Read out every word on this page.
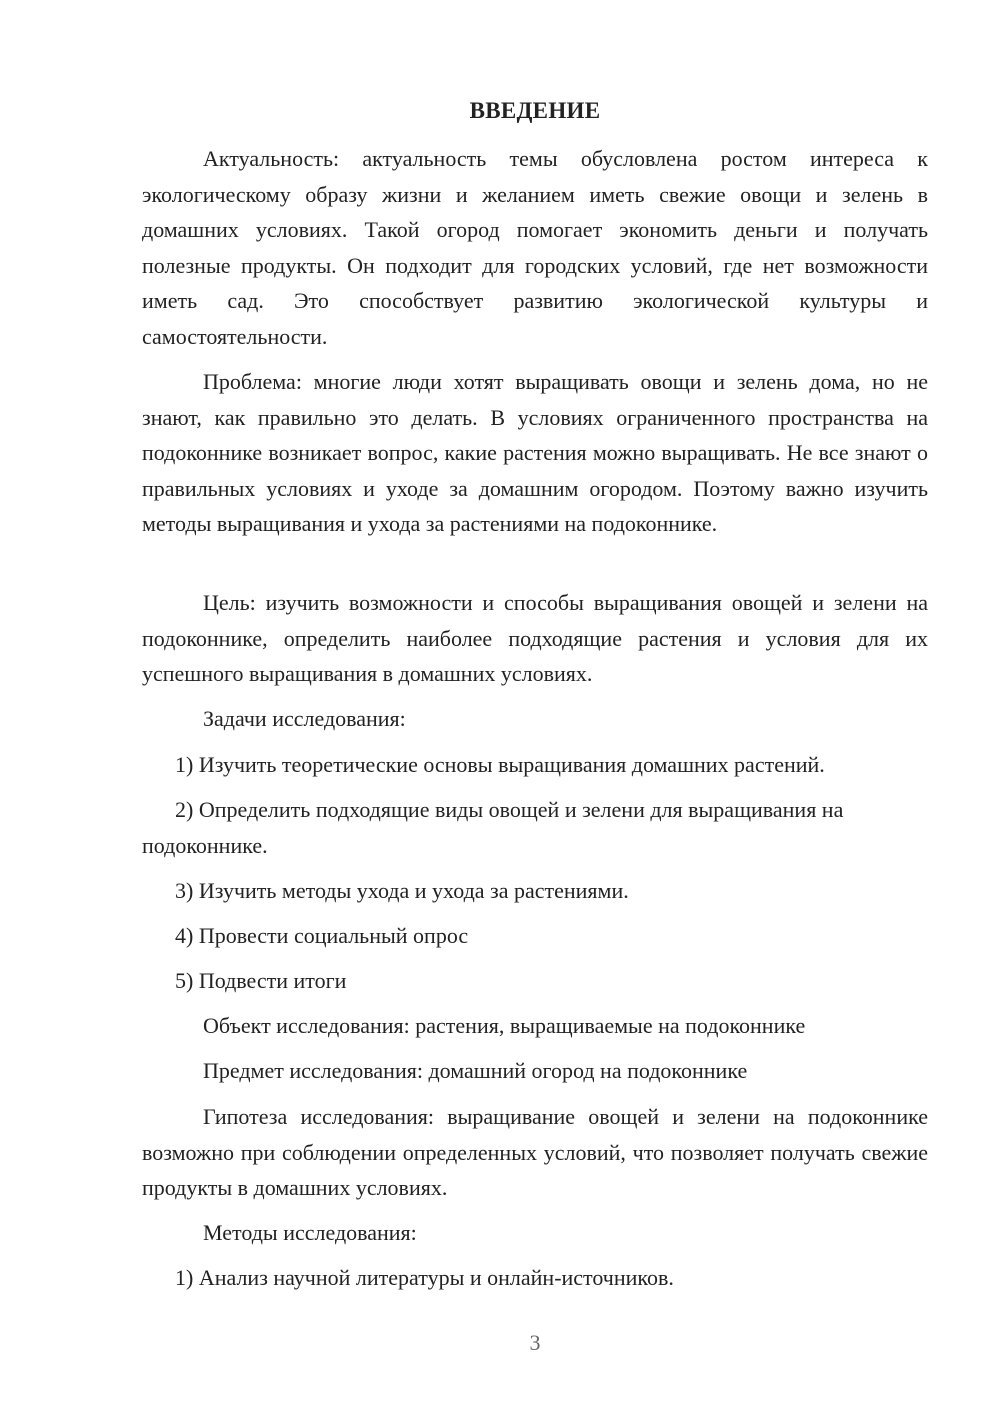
ВВЕДЕНИЕ

Актуальность: актуальность темы обусловлена ростом интереса к экологическому образу жизни и желанием иметь свежие овощи и зелень в домашних условиях. Такой огород помогает экономить деньги и получать полезные продукты. Он подходит для городских условий, где нет возможности иметь сад. Это способствует развитию экологической культуры и самостоятельности.

Проблема: многие люди хотят выращивать овощи и зелень дома, но не знают, как правильно это делать. В условиях ограниченного пространства на подоконнике возникает вопрос, какие растения можно выращивать. Не все знают о правильных условиях и уходе за домашним огородом. Поэтому важно изучить методы выращивания и ухода за растениями на подоконнике.

Цель: изучить возможности и способы выращивания овощей и зелени на подоконнике, определить наиболее подходящие растения и условия для их успешного выращивания в домашних условиях.

Задачи исследования:

1) Изучить теоретические основы выращивания домашних растений.

2) Определить подходящие виды овощей и зелени для выращивания на подоконнике.

3) Изучить методы ухода и ухода за растениями.

4) Провести социальный опрос

5) Подвести итоги

Объект исследования: растения, выращиваемые на подоконнике

Предмет исследования: домашний огород на подоконнике

Гипотеза исследования: выращивание овощей и зелени на подоконнике возможно при соблюдении определенных условий, что позволяет получать свежие продукты в домашних условиях.

Методы исследования:

1) Анализ научной литературы и онлайн-источников.

3
